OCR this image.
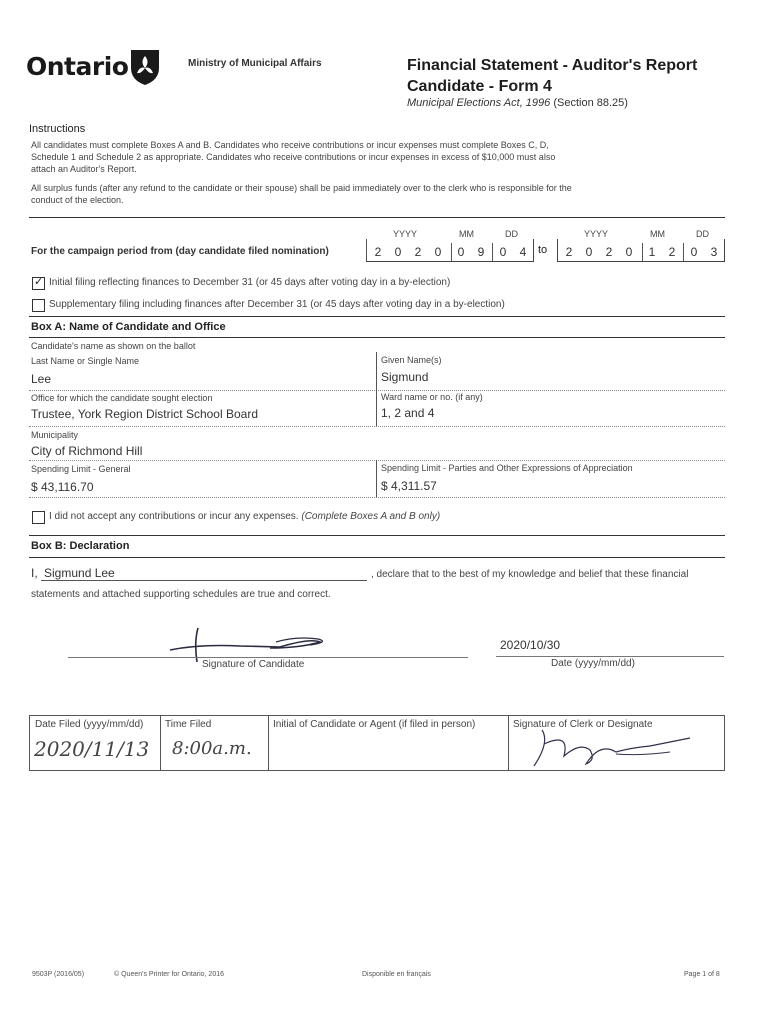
Ontario	Ministry of Municipal Affairs	Financial Statement - Auditor's Report
Candidate - Form 4
Municipal Elections Act, 1996 (Section 88.25)
Instructions
All candidates must complete Boxes A and B. Candidates who receive contributions or incur expenses must complete Boxes C, D,
Schedule 1 and Schedule 2 as appropriate. Candidates who receive contributions or incur expenses in excess of $10,000 must also
attach an Auditor's Report.
All surplus funds (after any refund to the candidate or their spouse) shall be paid immediately over to the clerk who is responsible for the
conduct of the election.
YYYY	MM	DD	YYYY	MM	DD
For the campaign period from (day candidate filed nomination)	2	0	2	0	0	9	0	4	to	2	0	2	0	1	2	0	3
✓ Initial filing reflecting finances to December 31 (or 45 days after voting day in a by-election)
Supplementary filing including finances after December 31 (or 45 days after voting day in a by-election)
Box A: Name of Candidate and Office
Candidate's name as shown on the ballot
Last Name or Single Name
Lee
Given Name(s)
Sigmund
Office for which the candidate sought election
Trustee, York Region District School Board
Ward name or no. (if any)
1, 2 and 4
Municipality
City of Richmond Hill
Spending Limit - General
$ 43,116.70
Spending Limit - Parties and Other Expressions of Appreciation
$ 4,311.57
I did not accept any contributions or incur any expenses. (Complete Boxes A and B only)
Box B: Declaration
I, Sigmund Lee	, declare that to the best of my knowledge and belief that these financial
statements and attached supporting schedules are true and correct.
Signature of Candidate
2020/10/30
Date (yyyy/mm/dd)
Date Filed (yyyy/mm/dd)
2020/11/13
Time Filed
8:00a.m.
Initial of Candidate or Agent (if filed in person)	Signature of Clerk or Designate
9503P (2016/05)	© Queen's Printer for Ontario, 2016	Disponible en français	Page 1 of 8
